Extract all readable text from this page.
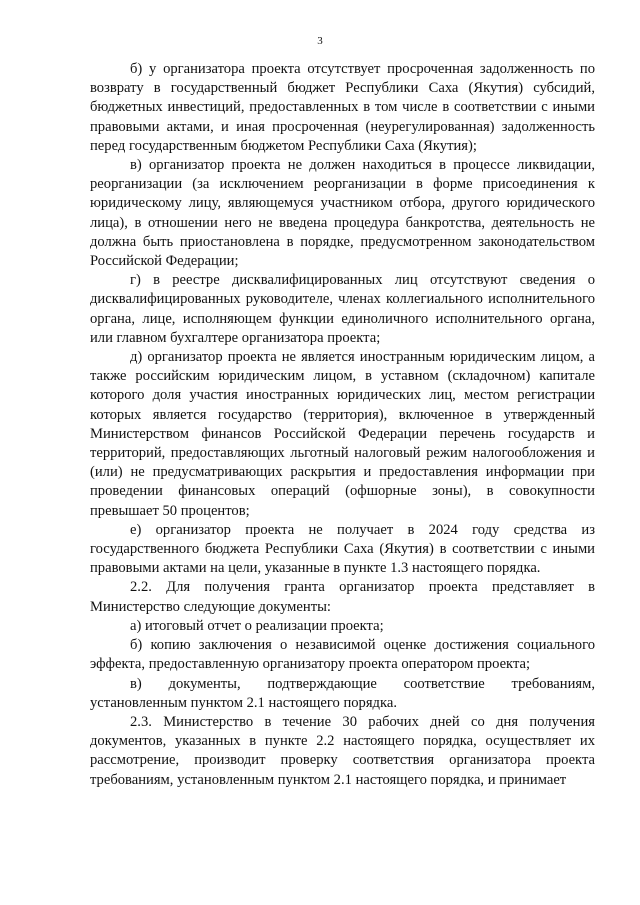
3

б) у организатора проекта отсутствует просроченная задолженность по возврату в государственный бюджет Республики Саха (Якутия) субсидий, бюджетных инвестиций, предоставленных в том числе в соответствии с иными правовыми актами, и иная просроченная (неурегулированная) задолженность перед государственным бюджетом Республики Саха (Якутия);

в) организатор проекта не должен находиться в процессе ликвидации, реорганизации (за исключением реорганизации в форме присоединения к юридическому лицу, являющемуся участником отбора, другого юридического лица), в отношении него не введена процедура банкротства, деятельность не должна быть приостановлена в порядке, предусмотренном законодательством Российской Федерации;

г) в реестре дисквалифицированных лиц отсутствуют сведения о дисквалифицированных руководителе, членах коллегиального исполнительного органа, лице, исполняющем функции единоличного исполнительного органа, или главном бухгалтере организатора проекта;

д) организатор проекта не является иностранным юридическим лицом, а также российским юридическим лицом, в уставном (складочном) капитале которого доля участия иностранных юридических лиц, местом регистрации которых является государство (территория), включенное в утвержденный Министерством финансов Российской Федерации перечень государств и территорий, предоставляющих льготный налоговый режим налогообложения и (или) не предусматривающих раскрытия и предоставления информации при проведении финансовых операций (офшорные зоны), в совокупности превышает 50 процентов;

е) организатор проекта не получает в 2024 году средства из государственного бюджета Республики Саха (Якутия) в соответствии с иными правовыми актами на цели, указанные в пункте 1.3 настоящего порядка.

2.2. Для получения гранта организатор проекта представляет в Министерство следующие документы:

а) итоговый отчет о реализации проекта;

б) копию заключения о независимой оценке достижения социального эффекта, предоставленную организатору проекта оператором проекта;

в) документы, подтверждающие соответствие требованиям, установленным пунктом 2.1 настоящего порядка.

2.3. Министерство в течение 30 рабочих дней со дня получения документов, указанных в пункте 2.2 настоящего порядка, осуществляет их рассмотрение, производит проверку соответствия организатора проекта требованиям, установленным пунктом 2.1 настоящего порядка, и принимает
